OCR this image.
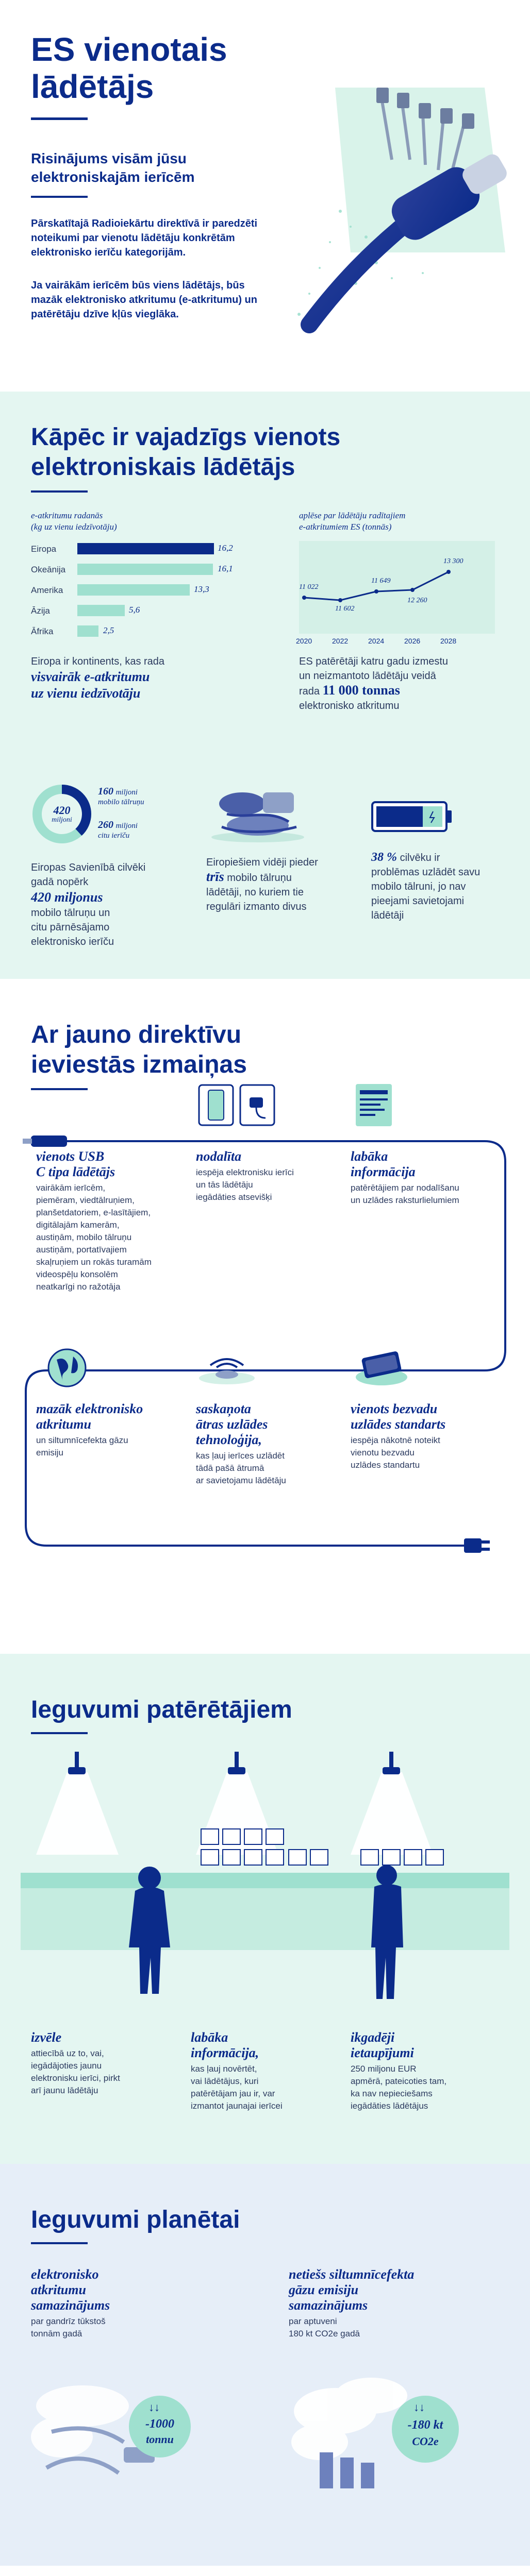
ES vienotais
lādētājs
Risinājums visām jūsu
elektroniskajām ierīcēm
Pārskatītajā Radioiekārtu direktīvā ir paredzēti noteikumi par vienotu lādētāju konkrētām elektronisko ierīču kategorijām.
Ja vairākām ierīcēm būs viens lādētājs, būs mazāk elektronisko atkritumu (e-atkritumu) un patērētāju dzīve kļūs vieglāka.
Kāpēc ir vajadzīgs vienots
elektroniskais lādētājs
e-atkritumu radanās
(kg uz vienu iedzīvotāju)
Eiropa	16,2
Okeānija	16,1
Amerika	13,3
Āzija	5,6
Āfrika	2,5
Eiropa ir kontinents, kas rada
visvairāk e-atkritumu
uz vienu iedzīvotāju
aplēse par lādētāju radītajiem
e-atkritumiem ES (tonnās)
11 022
11 602
11 649
12 260
13 300
2020	2022	2024	2026	2028
ES patērētāji katru gadu izmestu
un neizmantoto lādētāju veidā
rada 11 000 tonnas
elektronisko atkritumu
420
miljoni
160 miljoni
mobilo tālruņu
260 miljoni
citu ierīču
Eiropas Savienībā cilvēki
gadā nopērk
420 miljonus
mobilo tālruņu un
citu pārnēsājamo
elektronisko ierīču
Eiropiešiem vidēji pieder
trīs mobilo tālruņu
lādētāji, no kuriem tie
regulāri izmanto divus
38 % cilvēku ir
problēmas uzlādēt savu
mobilo tālruni, jo nav
pieejami savietojami
lādētāji
Ar jauno direktīvu
ieviestās izmaiņas
vienots USB
C tipa lādētājs
vairākām ierīcēm,
piemēram, viedtālruņiem,
planšetdatoriem, e-lasītājiem,
digitālajām kamerām,
austiņām, mobilo tālruņu
austiņām, portatīvajiem
skaļruņiem un rokās turamām
videospēļu konsolēm
neatkarīgi no ražotāja
nodalīta
iespēja elektronisku ierīci
un tās lādētāju
iegādāties atsevišķi
labāka
informācija
patērētājiem par nodalīšanu
un uzlādes raksturlielumiem
mazāk elektronisko
atkritumu
un siltumnīcefekta gāzu
emisiju
saskaņota
ātras uzlādes
tehnoloģija,
kas ļauj ierīces uzlādēt
tādā pašā ātrumā
ar savietojamu lādētāju
vienots bezvadu
uzlādes standarts
iespēja nākotnē noteikt
vienotu bezvadu
uzlādes standartu
Ieguvumi patērētājiem
izvēle
attiecībā uz to, vai,
iegādājoties jaunu
elektronisku ierīci, pirkt
arī jaunu lādētāju
labāka
informācija,
kas ļauj novērtēt,
vai lādētājus, kuri
patērētājam jau ir, var
izmantot jaunajai ierīcei
ikgadēji
ietaupījumi
250 miljonu EUR
apmērā, pateicoties tam,
ka nav nepieciešams
iegādāties lādētājus
Ieguvumi planētai
elektronisko
atkritumu
samazinājums
par gandrīz tūkstoš
tonnām gadā
↓↓
-1000
tonnu
netiešs siltumnīcefekta
gāzu emisiju
samazinājums
par aptuveni
180 kt CO2e gadā
↓↓
-180 kt
CO2e
